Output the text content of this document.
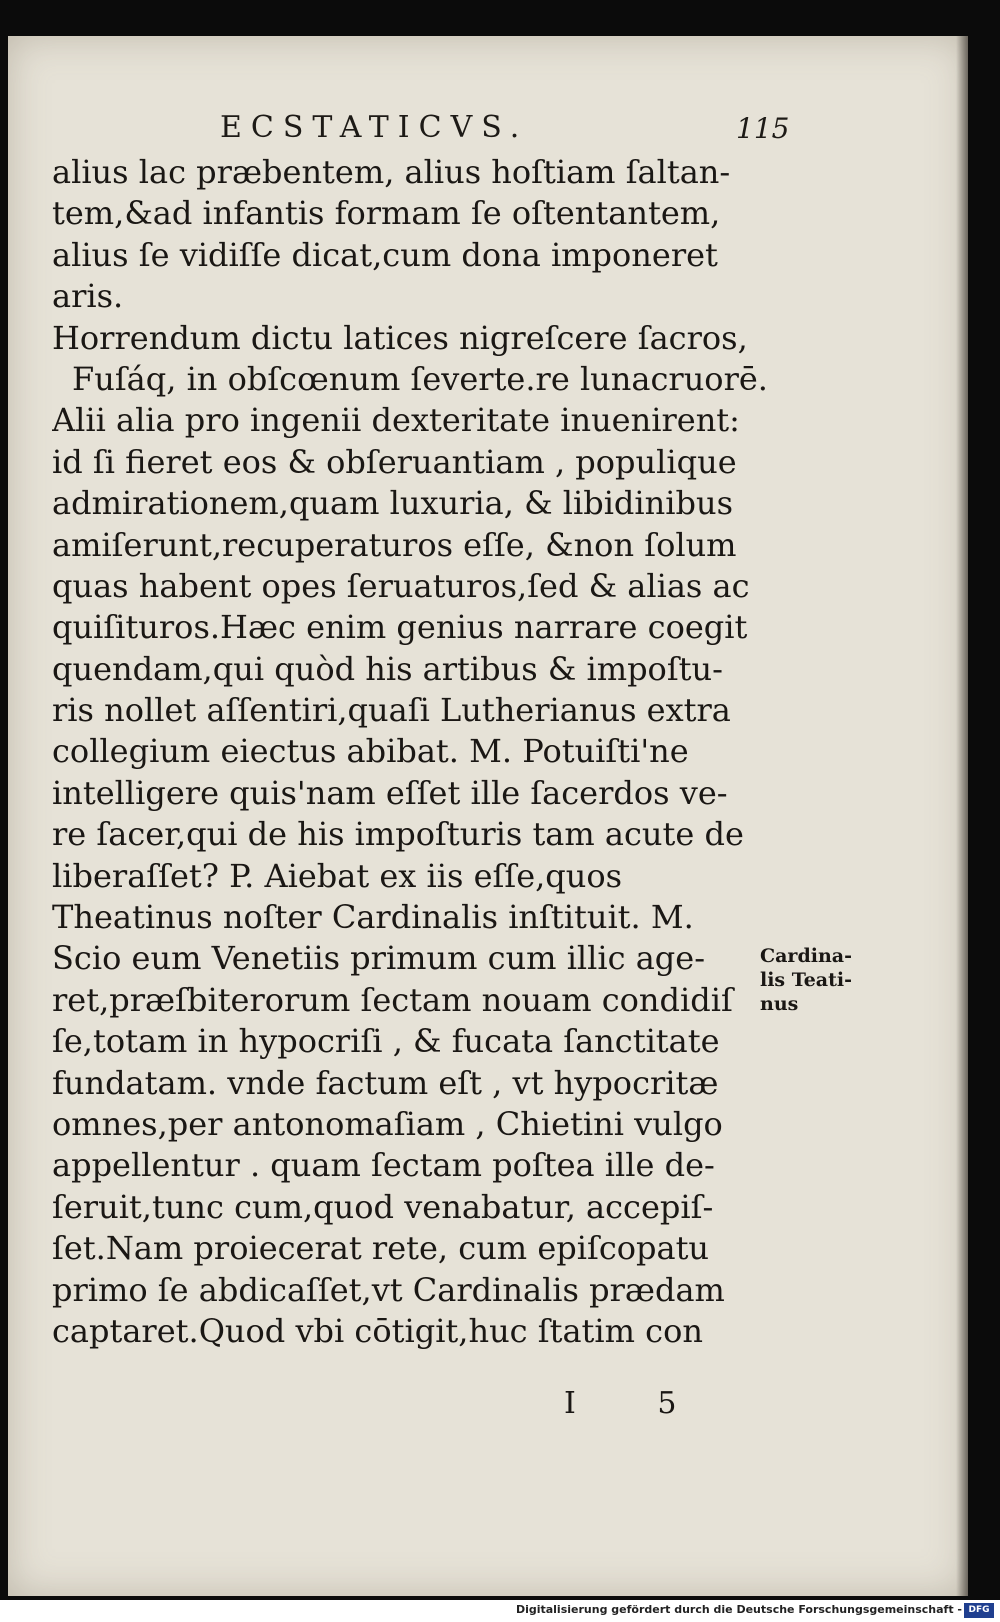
ECSTATICVS.	115
alius lac præbentem, alius hoſtiam ſaltan-
tem,&ad infantis formam ſe oſtentantem,
alius ſe vidiſſe dicat,cum dona imponeret
aris.
Horrendum dictu latices nigreſcere ſacros,
Fuſáq, in obſcœnum ſeverte.re lunacruorē.
Alii alia pro ingenii dexteritate inuenirent:
id ſi fieret eos & obſeruantiam , populique
admirationem,quam luxuria, & libidinibus
amiſerunt,recuperaturos eſſe, &non ſolum
quas habent opes ſeruaturos,ſed & alias ac
quiſituros.Hæc enim genius narrare coegit
quendam,qui quòd his artibus & impoſtu-
ris nollet aſſentiri,quaſi Lutherianus extra
collegium eiectus abibat. M. Potuiſti'ne
intelligere quis'nam eſſet ille ſacerdos ve-
re ſacer,qui de his impoſturis tam acute de
liberaſſet? P. Aiebat ex iis eſſe,quos
Theatinus noſter Cardinalis inſtituit. M.
Scio eum Venetiis primum cum illic age-
ret,præſbiterorum ſectam nouam condidiſ
ſe,totam in hypocriſi , & fucata ſanctitate
fundatam. vnde factum eſt , vt hypocritæ
omnes,per antonomaſiam , Chietini vulgo
appellentur . quam ſectam poſtea ille de-
ſeruit,tunc cum,quod venabatur, accepiſ-
ſet.Nam proiecerat rete, cum epiſcopatu
primo ſe abdicaſſet,vt Cardinalis prædam
captaret.Quod vbi cōtigit,huc ſtatim con
Cardina-
lis Teati-
nus
I 5
Digitalisierung gefördert durch die Deutsche Forschungsgemeinschaft - DFG
